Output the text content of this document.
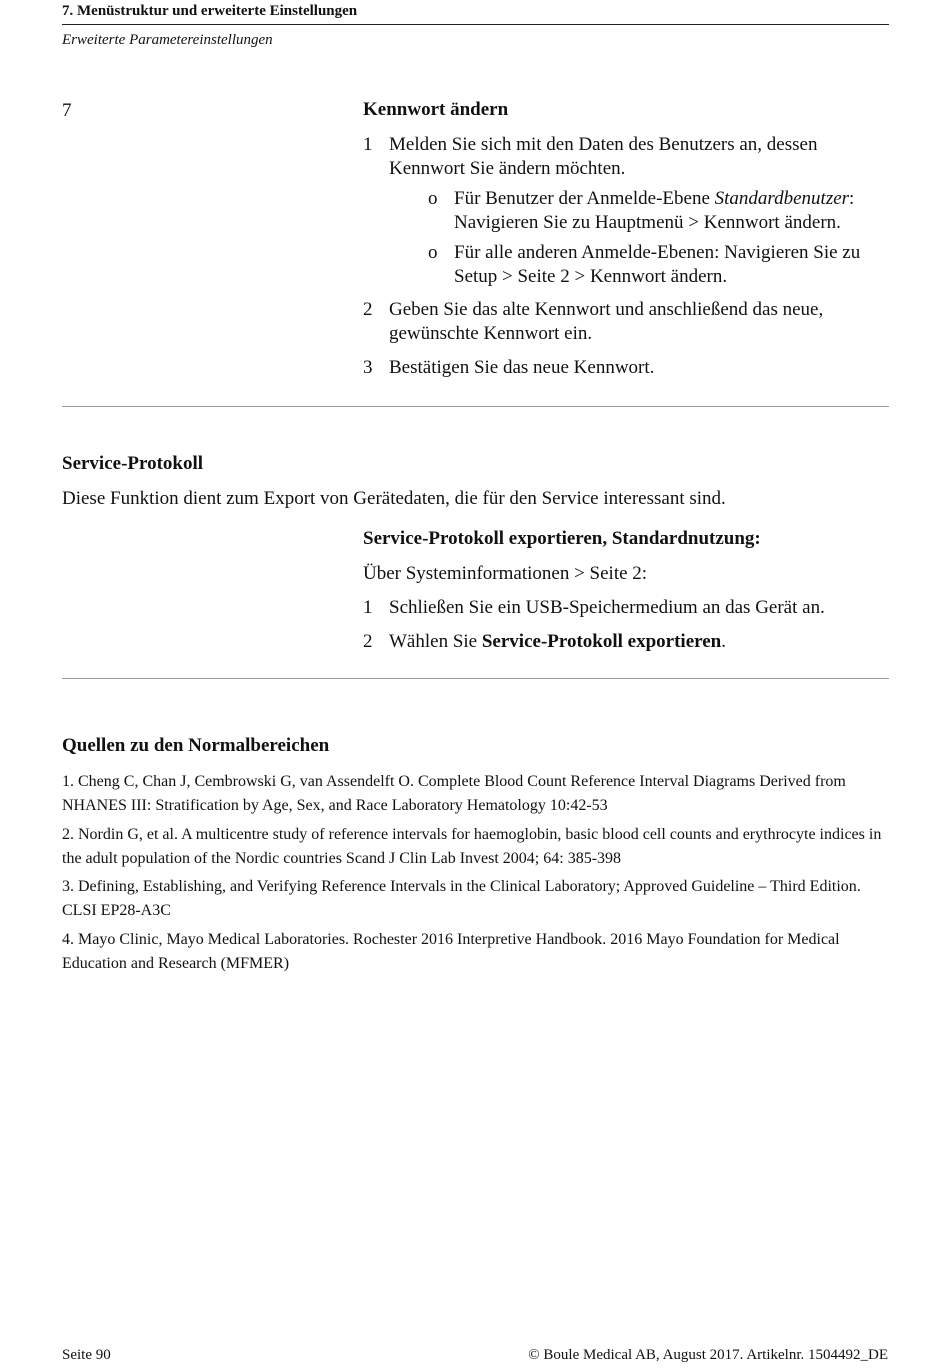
7. Menüstruktur und erweiterte Einstellungen
Erweiterte Parametereinstellungen
7	Kennwort ändern
1 Melden Sie sich mit den Daten des Benutzers an, dessen Kennwort Sie ändern möchten.
o Für Benutzer der Anmelde-Ebene Standardbenutzer: Navigieren Sie zu Hauptmenü > Kennwort ändern.
o Für alle anderen Anmelde-Ebenen: Navigieren Sie zu Setup > Seite 2 > Kennwort ändern.
2 Geben Sie das alte Kennwort und anschließend das neue, gewünschte Kennwort ein.
3 Bestätigen Sie das neue Kennwort.
Service-Protokoll
Diese Funktion dient zum Export von Gerätedaten, die für den Service interessant sind.
Service-Protokoll exportieren, Standardnutzung:
Über Systeminformationen > Seite 2:
1 Schließen Sie ein USB-Speichermedium an das Gerät an.
2 Wählen Sie Service-Protokoll exportieren.
Quellen zu den Normalbereichen
1. Cheng C, Chan J, Cembrowski G, van Assendelft O. Complete Blood Count Reference Interval Diagrams Derived from NHANES III: Stratification by Age, Sex, and Race Laboratory Hematology 10:42-53
2. Nordin G, et al. A multicentre study of reference intervals for haemoglobin, basic blood cell counts and erythrocyte indices in the adult population of the Nordic countries Scand J Clin Lab Invest 2004; 64: 385-398
3. Defining, Establishing, and Verifying Reference Intervals in the Clinical Laboratory; Approved Guideline – Third Edition. CLSI EP28-A3C
4. Mayo Clinic, Mayo Medical Laboratories. Rochester 2016 Interpretive Handbook. 2016 Mayo Foundation for Medical Education and Research (MFMER)
Seite 90	© Boule Medical AB, August 2017. Artikelnr. 1504492_DE
